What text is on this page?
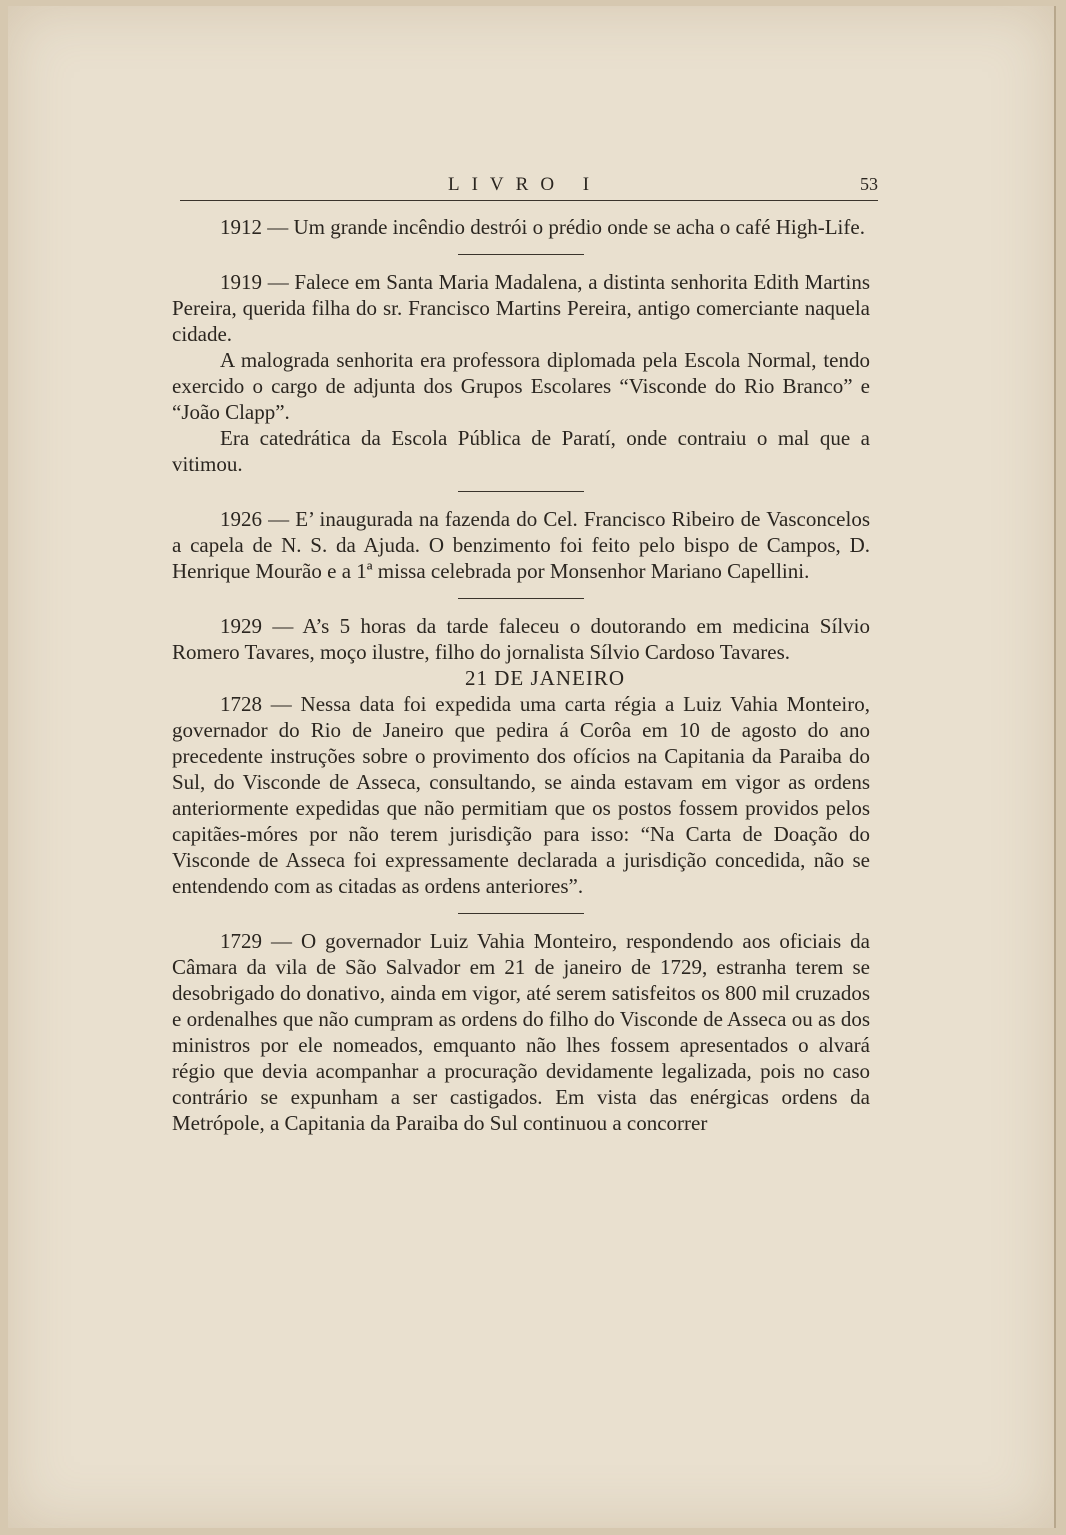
LIVRO I	53

1912 — Um grande incêndio destrói o prédio onde se acha o café High-Life.

1919 — Falece em Santa Maria Madalena, a distinta senhorita Edith Martins Pereira, querida filha do sr. Francisco Martins Pereira, antigo comerciante naquela cidade.

A malograda senhorita era professora diplomada pela Escola Normal, tendo exercido o cargo de adjunta dos Grupos Escolares “Visconde do Rio Branco” e “João Clapp”.

Era catedrática da Escola Pública de Paratí, onde contraiu o mal que a vitimou.

1926 — E’ inaugurada na fazenda do Cel. Francisco Ribeiro de Vasconcelos a capela de N. S. da Ajuda. O benzimento foi feito pelo bispo de Campos, D. Henrique Mourão e a 1ª missa celebrada por Monsenhor Mariano Capellini.

1929 — A’s 5 horas da tarde faleceu o doutorando em medicina Sílvio Romero Tavares, moço ilustre, filho do jornalista Sílvio Cardoso Tavares.

21 DE JANEIRO

1728 — Nessa data foi expedida uma carta régia a Luiz Vahia Monteiro, governador do Rio de Janeiro que pedira á Corôa em 10 de agosto do ano precedente instruções sobre o provimento dos ofícios na Capitania da Paraiba do Sul, do Visconde de Asseca, consultando, se ainda estavam em vigor as ordens anteriormente expedidas que não permitiam que os postos fossem providos pelos capitães-móres por não terem jurisdição para isso: “Na Carta de Doação do Visconde de Asseca foi expressamente declarada a jurisdição concedida, não se entendendo com as citadas as ordens anteriores”.

1729 — O governador Luiz Vahia Monteiro, respondendo aos oficiais da Câmara da vila de São Salvador em 21 de janeiro de 1729, estranha terem se desobrigado do donativo, ainda em vigor, até serem satisfeitos os 800 mil cruzados e ordenalhes que não cumpram as ordens do filho do Visconde de Asseca ou as dos ministros por ele nomeados, emquanto não lhes fossem apresentados o alvará régio que devia acompanhar a procuração devidamente legalizada, pois no caso contrário se expunham a ser castigados. Em vista das enérgicas ordens da Metrópole, a Capitania da Paraiba do Sul continuou a concorrer
